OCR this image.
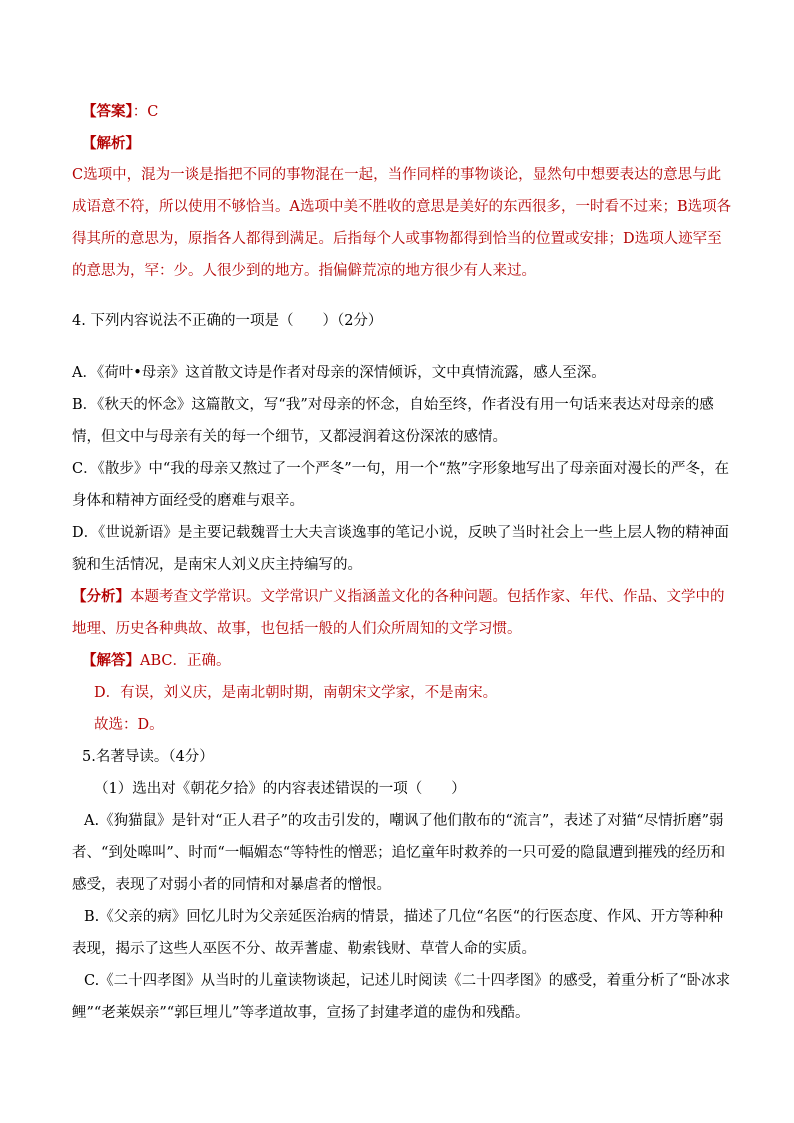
【答案】：C
【解析】
C选项中，混为一谈是指把不同的事物混在一起，当作同样的事物谈论，显然句中想要表达的意思与此成语意不符，所以使用不够恰当。A选项中美不胜收的意思是美好的东西很多，一时看不过来；B选项各得其所的意思为，原指各人都得到满足。后指每个人或事物都得到恰当的位置或安排；D选项人迹罕至的意思为，罕：少。人很少到的地方。指偏僻荒凉的地方很少有人来过。
4. 下列内容说法不正确的一项是（　　）（2分）
A．《荷叶•母亲》这首散文诗是作者对母亲的深情倾诉，文中真情流露，感人至深。
B．《秋天的怀念》这篇散文，写“我”对母亲的怀念，自始至终，作者没有用一句话来表达对母亲的感情，但文中与母亲有关的每一个细节，又都浸润着这份深浓的感情。
C．《散步》中“我的母亲又熬过了一个严冬”一句，用一个“熬”字形象地写出了母亲面对漫长的严冬，在身体和精神方面经受的磨难与艰辛。
D．《世说新语》是主要记载魏晋士大夫言谈逸事的笔记小说，反映了当时社会上一些上层人物的精神面貌和生活情况，是南宋人刘义庆主持编写的。
【分析】本题考查文学常识。文学常识广义指涵盖文化的各种问题。包括作家、年代、作品、文学中的地理、历史各种典故、故事，也包括一般的人们众所周知的文学习惯。
【解答】ABC．正确。
D．有误，刘义庆，是南北朝时期，南朝宋文学家，不是南宋。
故选：D。
5.名著导读。（4分）
（1）选出对《朝花夕拾》的内容表述错误的一项（　　）
A.《狗猫鼠》是针对“正人君子”的攻击引发的，嘲讽了他们散布的“流言”，表述了对猫“尽情折磨”弱者、“到处嗥叫”、时而“一幅媚态“等特性的憎恶；追忆童年时救养的一只可爱的隐鼠遭到摧残的经历和感受，表现了对弱小者的同情和对暴虐者的憎恨。
B.《父亲的病》回忆儿时为父亲延医治病的情景，描述了几位“名医“的行医态度、作风、开方等种种表现，揭示了这些人巫医不分、故弄蓍虚、勒索钱财、草菅人命的实质。
C.《二十四孝图》从当时的儿童读物谈起，记述儿时阅读《二十四孝图》的感受，着重分析了“卧冰求鲤”“老莱娱亲”“郭巨埋儿”等孝道故事，宣扬了封建孝道的虚伪和残酷。
